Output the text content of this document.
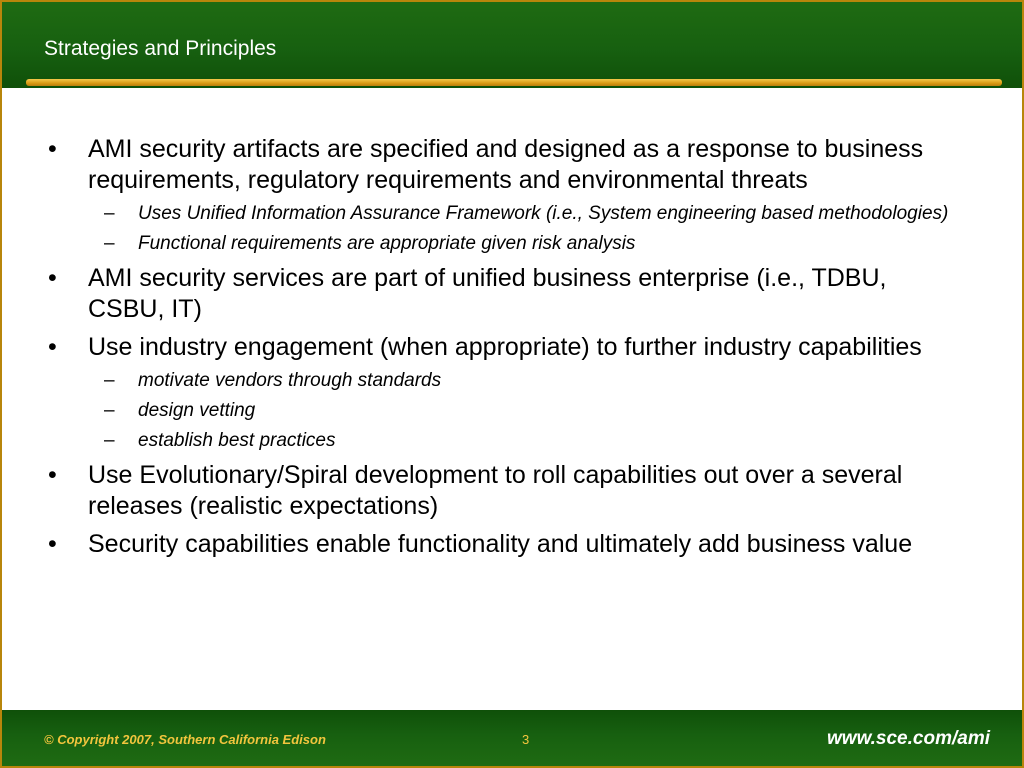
Strategies and Principles
• AMI security artifacts are specified and designed as a response to business requirements, regulatory requirements and environmental threats
– Uses Unified Information Assurance Framework (i.e., System engineering based methodologies)
– Functional requirements are appropriate given risk analysis
• AMI security services are part of unified business enterprise (i.e., TDBU, CSBU, IT)
• Use industry engagement (when appropriate) to further industry capabilities
– motivate vendors through standards
– design vetting
– establish best practices
• Use Evolutionary/Spiral development to roll capabilities out over a several releases (realistic expectations)
• Security capabilities enable functionality and ultimately add business value
© Copyright 2007, Southern California Edison	3	www.sce.com/ami
